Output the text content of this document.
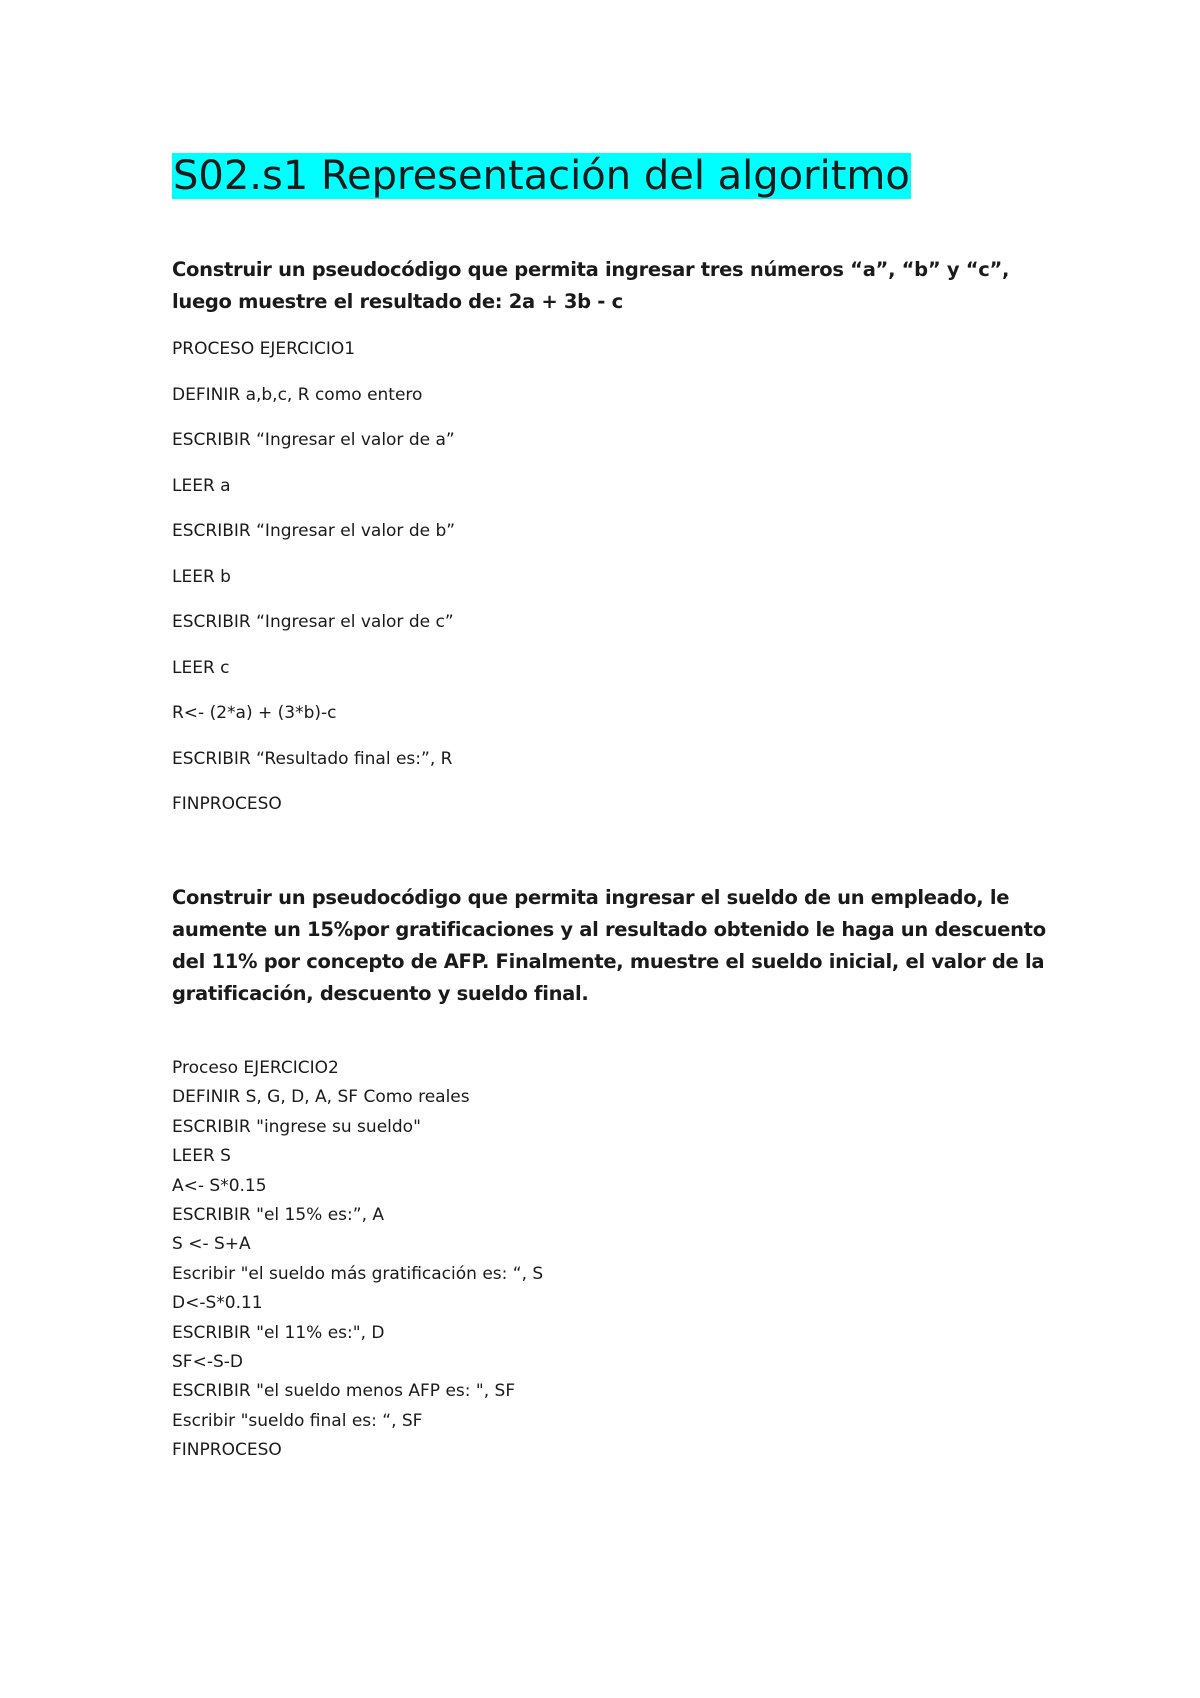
S02.s1 Representación del algoritmo

Construir un pseudocódigo que permita ingresar tres números “a”, “b” y “c”, luego muestre el resultado de: 2a + 3b - c

PROCESO EJERCICIO1
DEFINIR a,b,c, R como entero
ESCRIBIR “Ingresar el valor de a”
LEER a
ESCRIBIR “Ingresar el valor de b”
LEER b
ESCRIBIR “Ingresar el valor de c”
LEER c
R<- (2*a) + (3*b)-c
ESCRIBIR “Resultado final es:”, R
FINPROCESO

Construir un pseudocódigo que permita ingresar el sueldo de un empleado, le aumente un 15%por gratificaciones y al resultado obtenido le haga un descuento del 11% por concepto de AFP. Finalmente, muestre el sueldo inicial, el valor de la gratificación, descuento y sueldo final.

Proceso EJERCICIO2
DEFINIR S, G, D, A, SF Como reales
ESCRIBIR "ingrese su sueldo"
LEER S
A<- S*0.15
ESCRIBIR "el 15% es:”, A
S <- S+A
Escribir "el sueldo más gratificación es: “, S
D<-S*0.11
ESCRIBIR "el 11% es:", D
SF<-S-D
ESCRIBIR "el sueldo menos AFP es: ", SF
Escribir "sueldo final es: “, SF
FINPROCESO
